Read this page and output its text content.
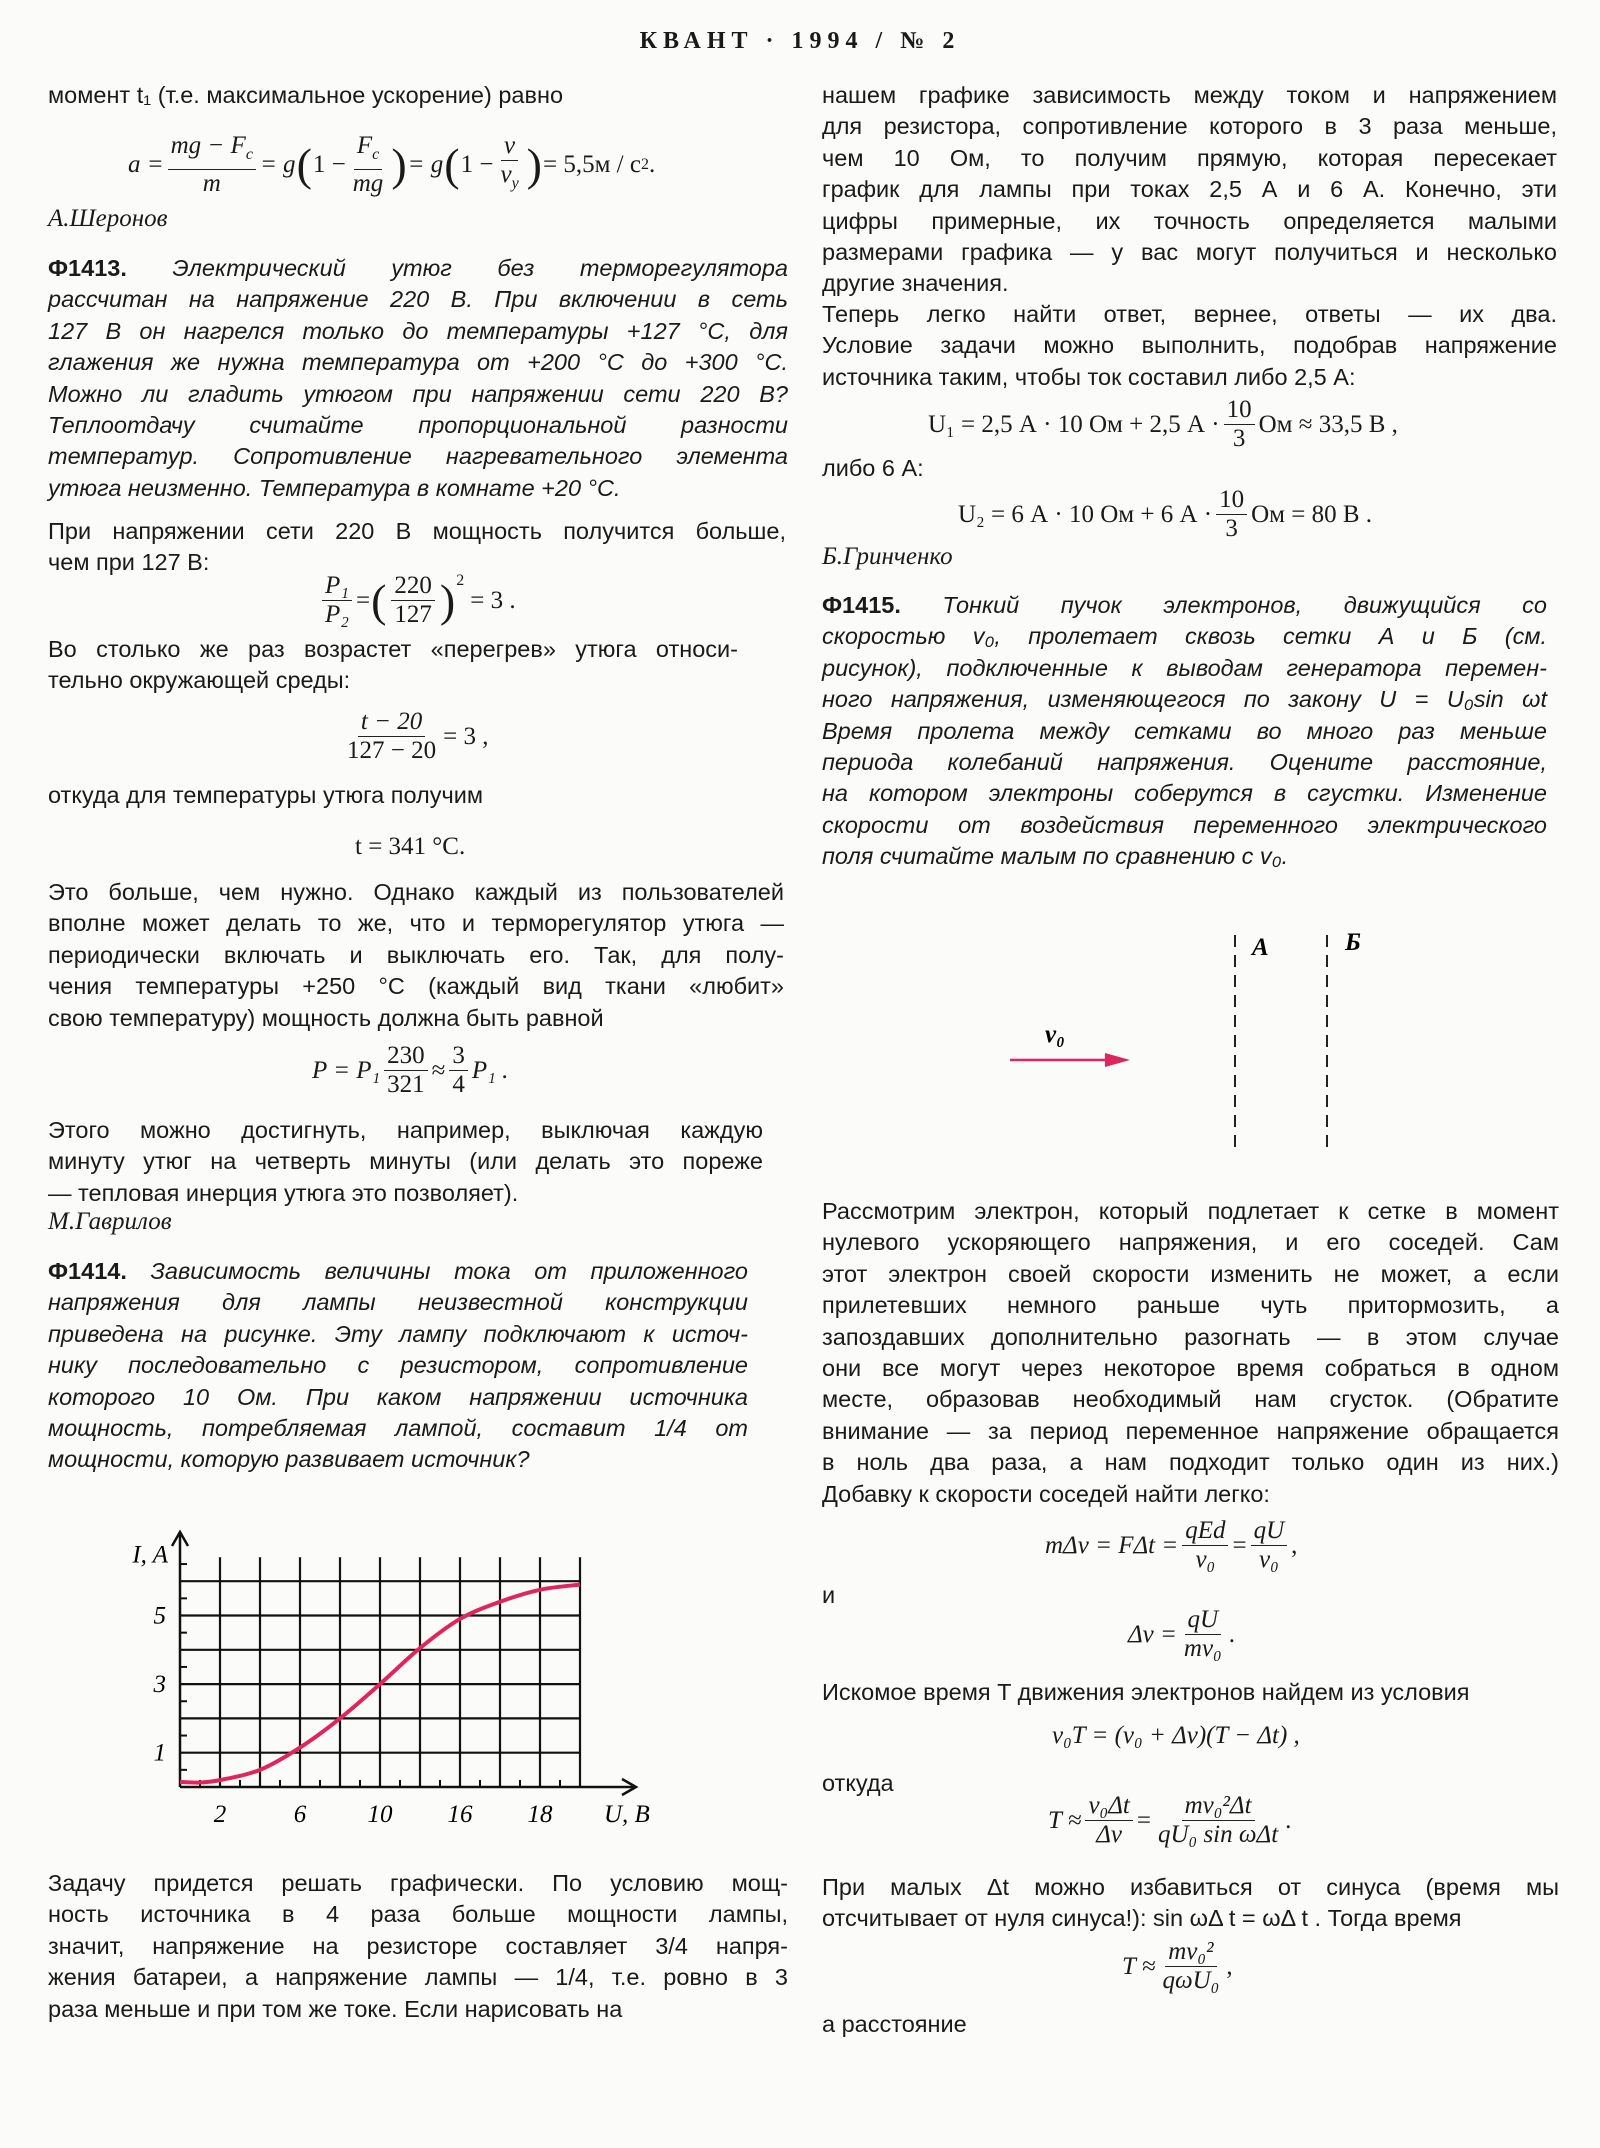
КВАНТ · 1994 / № 2
момент t₁ (т.е. максимальное ускорение) равно
$a = \frac{mg - F_c}{m} = g$ ( $1 - \frac{F_c}{mg}$ ) = g ( $1 - \frac{v}{v_y}$ ) = 5,5м / с 2 .
А.Шеронов
Ф1413. Электрический утюг без терморегулятора
рассчитан на напряжение 220 В. При включении в сеть
127 В он нагрелся только до температуры +127 °C, для
глажения же нужна температура от +200 °C до +300 °C.
Можно ли гладить утюгом при напряжении сети 220 В?
Теплоотдачу считайте пропорциональной разности
температур. Сопротивление нагревательного элемента
утюга неизменно. Температура в комнате +20 °C.
При напряжении сети 220 В мощность получится больше,
чем при 127 В:
$\frac{\text{P₁}}{\text{P₂}}$ = ( $\frac{220}{127} )^2$
= 3 .
Во столько же раз возрастет «перегрев» утюга относи-
тельно окружающей среды:
$\frac{t - 20}{127 - 20} = 3$ ,
откуда для температуры утюга получим
t = 341 °C.
Это больше, чем нужно. Однако каждый из пользователей
вполне может делать то же, что и терморегулятор утюга —
периодически включать и выключать его. Так, для полу-
чения температуры +250 °C (каждый вид ткани «любит»
свою температуру) мощность должна быть равной
$P = P_1 \frac{230}{321} \approx \frac{3}{4} P_1$ .
Этого можно достигнуть, например, выключая каждую
минуту утюг на четверть минуты (или делать это пореже
— тепловая инерция утюга это позволяет).
М.Гаврилов
Ф1414. Зависимость величины тока от приложенного
напряжения для лампы неизвестной конструкции
приведена на рисунке. Эту лампу подключают к источ-
нику последовательно с резистором, сопротивление
которого 10 Ом. При каком напряжении источника
мощность, потребляемая лампой, составит 1/4 от
мощности, которую развивает источник?
2	6 10 16 18
1
3
5
U, B
I, A
Задачу придется решать графически. По условию мощ-
ность источника в 4 раза больше мощности лампы,
значит, напряжение на резисторе составляет 3/4 напря-
жения батареи, а напряжение лампы — 1/4, т.е. ровно в 3
раза меньше и при том же токе. Если нарисовать на
нашем графике зависимость между током и напряжением
для резистора, сопротивление которого в 3 раза меньше,
чем 10 Ом, то получим прямую, которая пересекает
график для лампы при токах 2,5 А и 6 А. Конечно, эти
цифры примерные, их точность определяется малыми
размерами графика — у вас могут получиться и несколько
другие значения.
Теперь легко найти ответ, вернее, ответы — их два.
Условие задачи можно выполнить, подобрав напряжение
источника таким, чтобы ток составил либо 2,5 А:
U₁ = 2,5 А · 10 Ом + 2,5 $А \cdot \frac{10}{3}$ Ом ≈ 33,5 В ,
либо 6 А:
U₂ = 6 А · 10 Ом + 6 $А \cdot \frac{10}{3}$ Ом = 80 В .
Б.Гринченко
Ф1415. Тонкий пучок электронов, движущийся со
скоростью v₀, пролетает сквозь сетки А и Б (см.
рисунок), подключенные к выводам генератора перемен-
ного напряжения, изменяющегося по закону U = U₀sin ωt
Время пролета между сетками во много раз меньше
периода колебаний напряжения. Оцените расстояние,
на котором электроны соберутся в сгустки. Изменение
скорости от воздействия переменного электрического
поля считайте малым по сравнению с v₀.
v₀
А	Б
Рассмотрим электрон, который подлетает к сетке в момент
нулевого ускоряющего напряжения, и его соседей. Сам
этот электрон своей скорости изменить не может, а если
прилетевших немного раньше чуть притормозить, а
запоздавших дополнительно разогнать — в этом случае
они все могут через некоторое время собраться в одном
месте, образовав необходимый нам сгусток. (Обратите
внимание — за период переменное напряжение обращается
в ноль два раза, а нам подходит только один из них.)
Добавку к скорости соседей найти легко:
$m\Delta v = F\Delta t = \frac{\text{qEd}}{\text{v₀}} = \frac{qU}{\text{v₀}}$ ,
и
$\Delta v = \frac{qU}{\text{mv₀}}$ .
Искомое время T движения электронов найдем из условия
v₀T = (v₀ + Δv)(T − Δt) ,
откуда
$T \approx \frac{\text{v₀Δt}}{\Delta v} = \frac{\text{mv₀²Δt}}{\text{qU₀ sin ωΔt}}$ .
При малых Δt можно избавиться от синуса (время мы
отсчитывает от нуля синуса!): sin ωΔ t = ωΔ t . Тогда время
$T \approx \frac{\text{mv₀²}}{\text{qωU₀}}$ ,
а расстояние
